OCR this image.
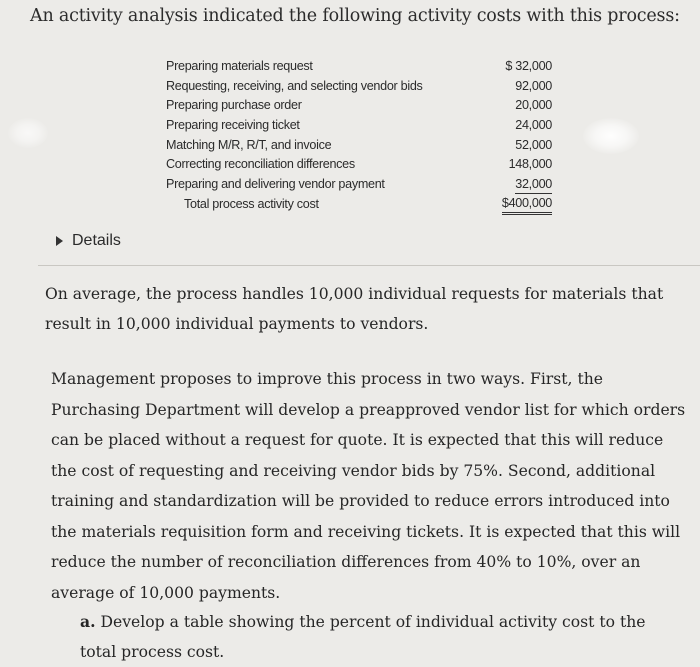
An activity analysis indicated the following activity costs with this process:

Preparing materials request	$ 32,000
Requesting, receiving, and selecting vendor bids	92,000
Preparing purchase order	20,000
Preparing receiving ticket	24,000
Matching M/R, R/T, and invoice	52,000
Correcting reconciliation differences	148,000
Preparing and delivering vendor payment	32,000
Total process activity cost	$400,000
Details

On average, the process handles 10,000 individual requests for materials that result in 10,000 individual payments to vendors.

Management proposes to improve this process in two ways. First, the Purchasing Department will develop a preapproved vendor list for which orders can be placed without a request for quote. It is expected that this will reduce the cost of requesting and receiving vendor bids by 75%. Second, additional training and standardization will be provided to reduce errors introduced into the materials requisition form and receiving tickets. It is expected that this will reduce the number of reconciliation differences from 40% to 10%, over an average of 10,000 payments.

a. Develop a table showing the percent of individual activity cost to the total process cost.
